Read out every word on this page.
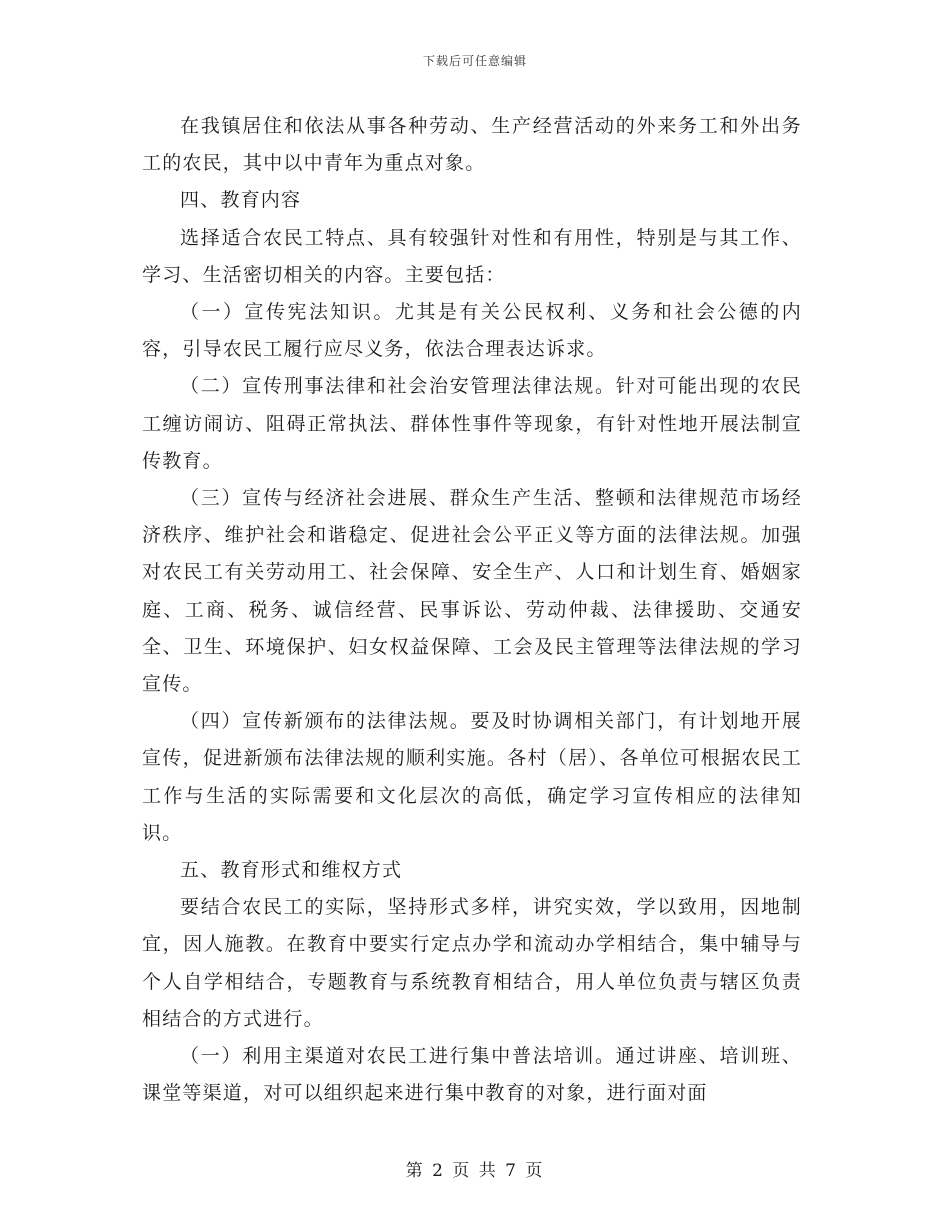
下载后可任意编辑

在我镇居住和依法从事各种劳动、生产经营活动的外来务工和外出务工的农民，其中以中青年为重点对象。

四、教育内容

选择适合农民工特点、具有较强针对性和有用性，特别是与其工作、学习、生活密切相关的内容。主要包括：

（一）宣传宪法知识。尤其是有关公民权利、义务和社会公德的内容，引导农民工履行应尽义务，依法合理表达诉求。

（二）宣传刑事法律和社会治安管理法律法规。针对可能出现的农民工缠访闹访、阻碍正常执法、群体性事件等现象，有针对性地开展法制宣传教育。

（三）宣传与经济社会进展、群众生产生活、整顿和法律规范市场经济秩序、维护社会和谐稳定、促进社会公平正义等方面的法律法规。加强对农民工有关劳动用工、社会保障、安全生产、人口和计划生育、婚姻家庭、工商、税务、诚信经营、民事诉讼、劳动仲裁、法律援助、交通安全、卫生、环境保护、妇女权益保障、工会及民主管理等法律法规的学习宣传。

（四）宣传新颁布的法律法规。要及时协调相关部门，有计划地开展宣传，促进新颁布法律法规的顺利实施。各村（居）、各单位可根据农民工工作与生活的实际需要和文化层次的高低，确定学习宣传相应的法律知识。

五、教育形式和维权方式

要结合农民工的实际，坚持形式多样，讲究实效，学以致用，因地制宜，因人施教。在教育中要实行定点办学和流动办学相结合，集中辅导与个人自学相结合，专题教育与系统教育相结合，用人单位负责与辖区负责相结合的方式进行。

（一）利用主渠道对农民工进行集中普法培训。通过讲座、培训班、课堂等渠道，对可以组织起来进行集中教育的对象，进行面对面

第 2 页 共 7 页
